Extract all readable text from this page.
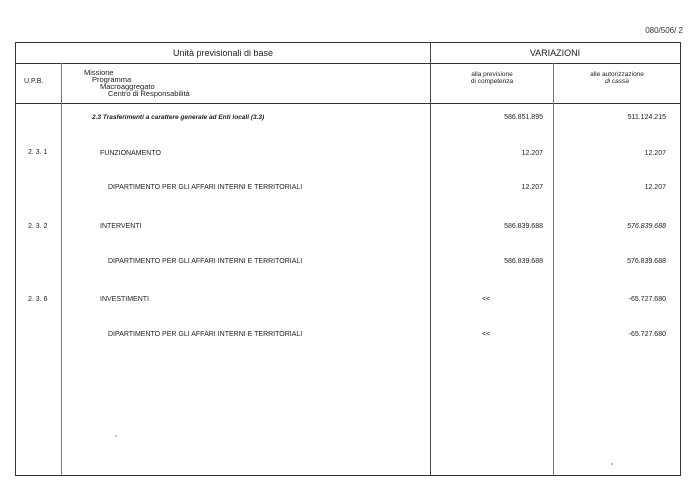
080/506/ 2
Unità previsionali di base	VARIAZIONI
U.P.B.
Missione
Programma
Macroaggregato
Centro di Responsabilità
alla previsione
di competenza
alle autorizzazione
di cassa
2.3 Trasferimenti a carattere generale ad Enti locali (3.3)	586.851.895	511.124.215
2. 3. 1	FUNZIONAMENTO	12.207	12.207
DIPARTIMENTO PER GLI AFFARI INTERNI E TERRITORIALI	12.207	12.207
2. 3. 2	INTERVENTI	586.839.688	576.839.688
DIPARTIMENTO PER GLI AFFARI INTERNI E TERRITORIALI	586.839.688	576.839.688
2. 3. 6	INVESTIMENTI	<<	-65.727.680
DIPARTIMENTO PER GLI AFFARI INTERNI E TERRITORIALI	<<	-65.727.680
